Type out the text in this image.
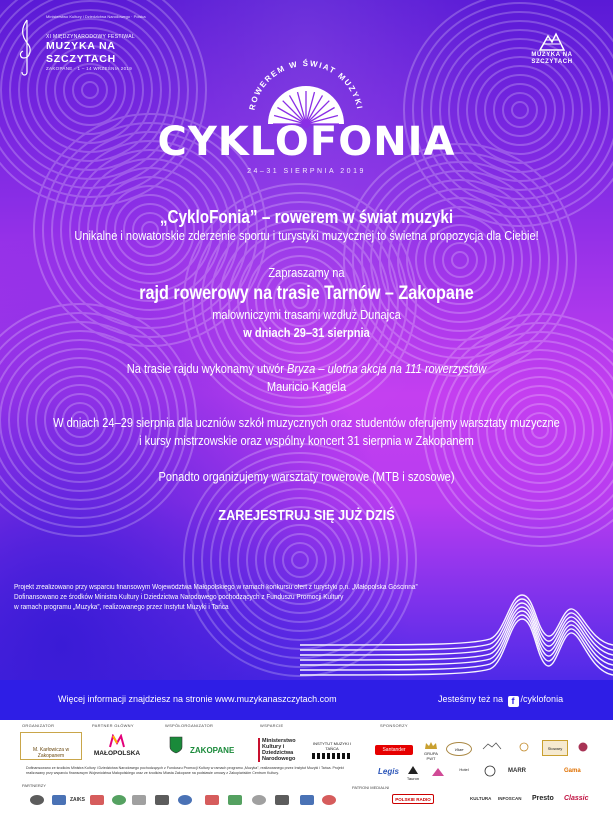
Ministerstwo Kultury i Dziedzictwa Narodowego · Polska
XI MIĘDZYNARODOWY FESTIWAL
MUZYKA NA SZCZYTACH
ZAKOPANE · 1 – 14 WRZEŚNIA 2019
MUZYKA NA SZCZYTACH
ROWEREM W ŚWIAT MUZYKI
CYKLOFONIA
24–31 SIERPNIA 2019

„CykloFonia” – rowerem w świat muzyki

Unikalne i nowatorskie zderzenie sportu i turystyki muzycznej to świetna propozycja dla Ciebie!

Zapraszamy na

rajd rowerowy na trasie Tarnów – Zakopane

malowniczymi trasami wzdłuż Dunajca

w dniach 29–31 sierpnia

Na trasie rajdu wykonamy utwór Bryza – ulotna akcja na 111 rowerzystów

Mauricio Kagela

W dniach 24–29 sierpnia dla uczniów szkół muzycznych oraz studentów oferujemy warsztaty muzyczne

i kursy mistrzowskie oraz wspólny koncert 31 sierpnia w Zakopanem

Ponadto organizujemy warsztaty rowerowe (MTB i szosowe)

ZAREJESTRUJ SIĘ JUŻ DZIŚ

Projekt zrealizowano przy wsparciu finansowym Województwa Małopolskiego w ramach konkursu ofert z turystyki p.n. „Małopolska Gościnna”
Dofinansowano ze środków Ministra Kultury i Dziedzictwa Narodowego pochodzących z Funduszu Promocji Kultury
w ramach programu „Muzyka”, realizowanego przez Instytut Muzyki i Tańca
Więcej informacji znajdziesz na stronie www.muzykanaszczytach.com	Jesteśmy też na f /cyklofonia
ORGANIZATOR	PARTNER GŁÓWNY	WSPÓŁORGANIZATOR	WSPARCIE	SPONSORZY
M. Karłowicza w Zakopanem	MAŁOPOLSKA	ZAKOPANE
Ministerstwo Kultury i Dziedzictwa Narodowego
INSTYTUT MUZYKI I TAŃCA	Santander
GRUPA PWT
Vitae	Stowary
Legis
Tauron
Hotel	MARR	Gama
PARTNERZY	PATRONI MEDIALNI
ZAIKS	POLSKIE RADIO	KULTURA INFOSCAN Presto Classic
Dofinansowano ze środków Ministra Kultury i Dziedzictwa Narodowego pochodzących z Funduszu Promocji Kultury w ramach programu „Muzyka”, realizowanego przez Instytut Muzyki i Tańca. Projekt realizowany przy wsparciu finansowym Województwa Małopolskiego oraz ze środków Miasta Zakopane na podstawie umowy z Zakopiańskim Centrum Kultury.
